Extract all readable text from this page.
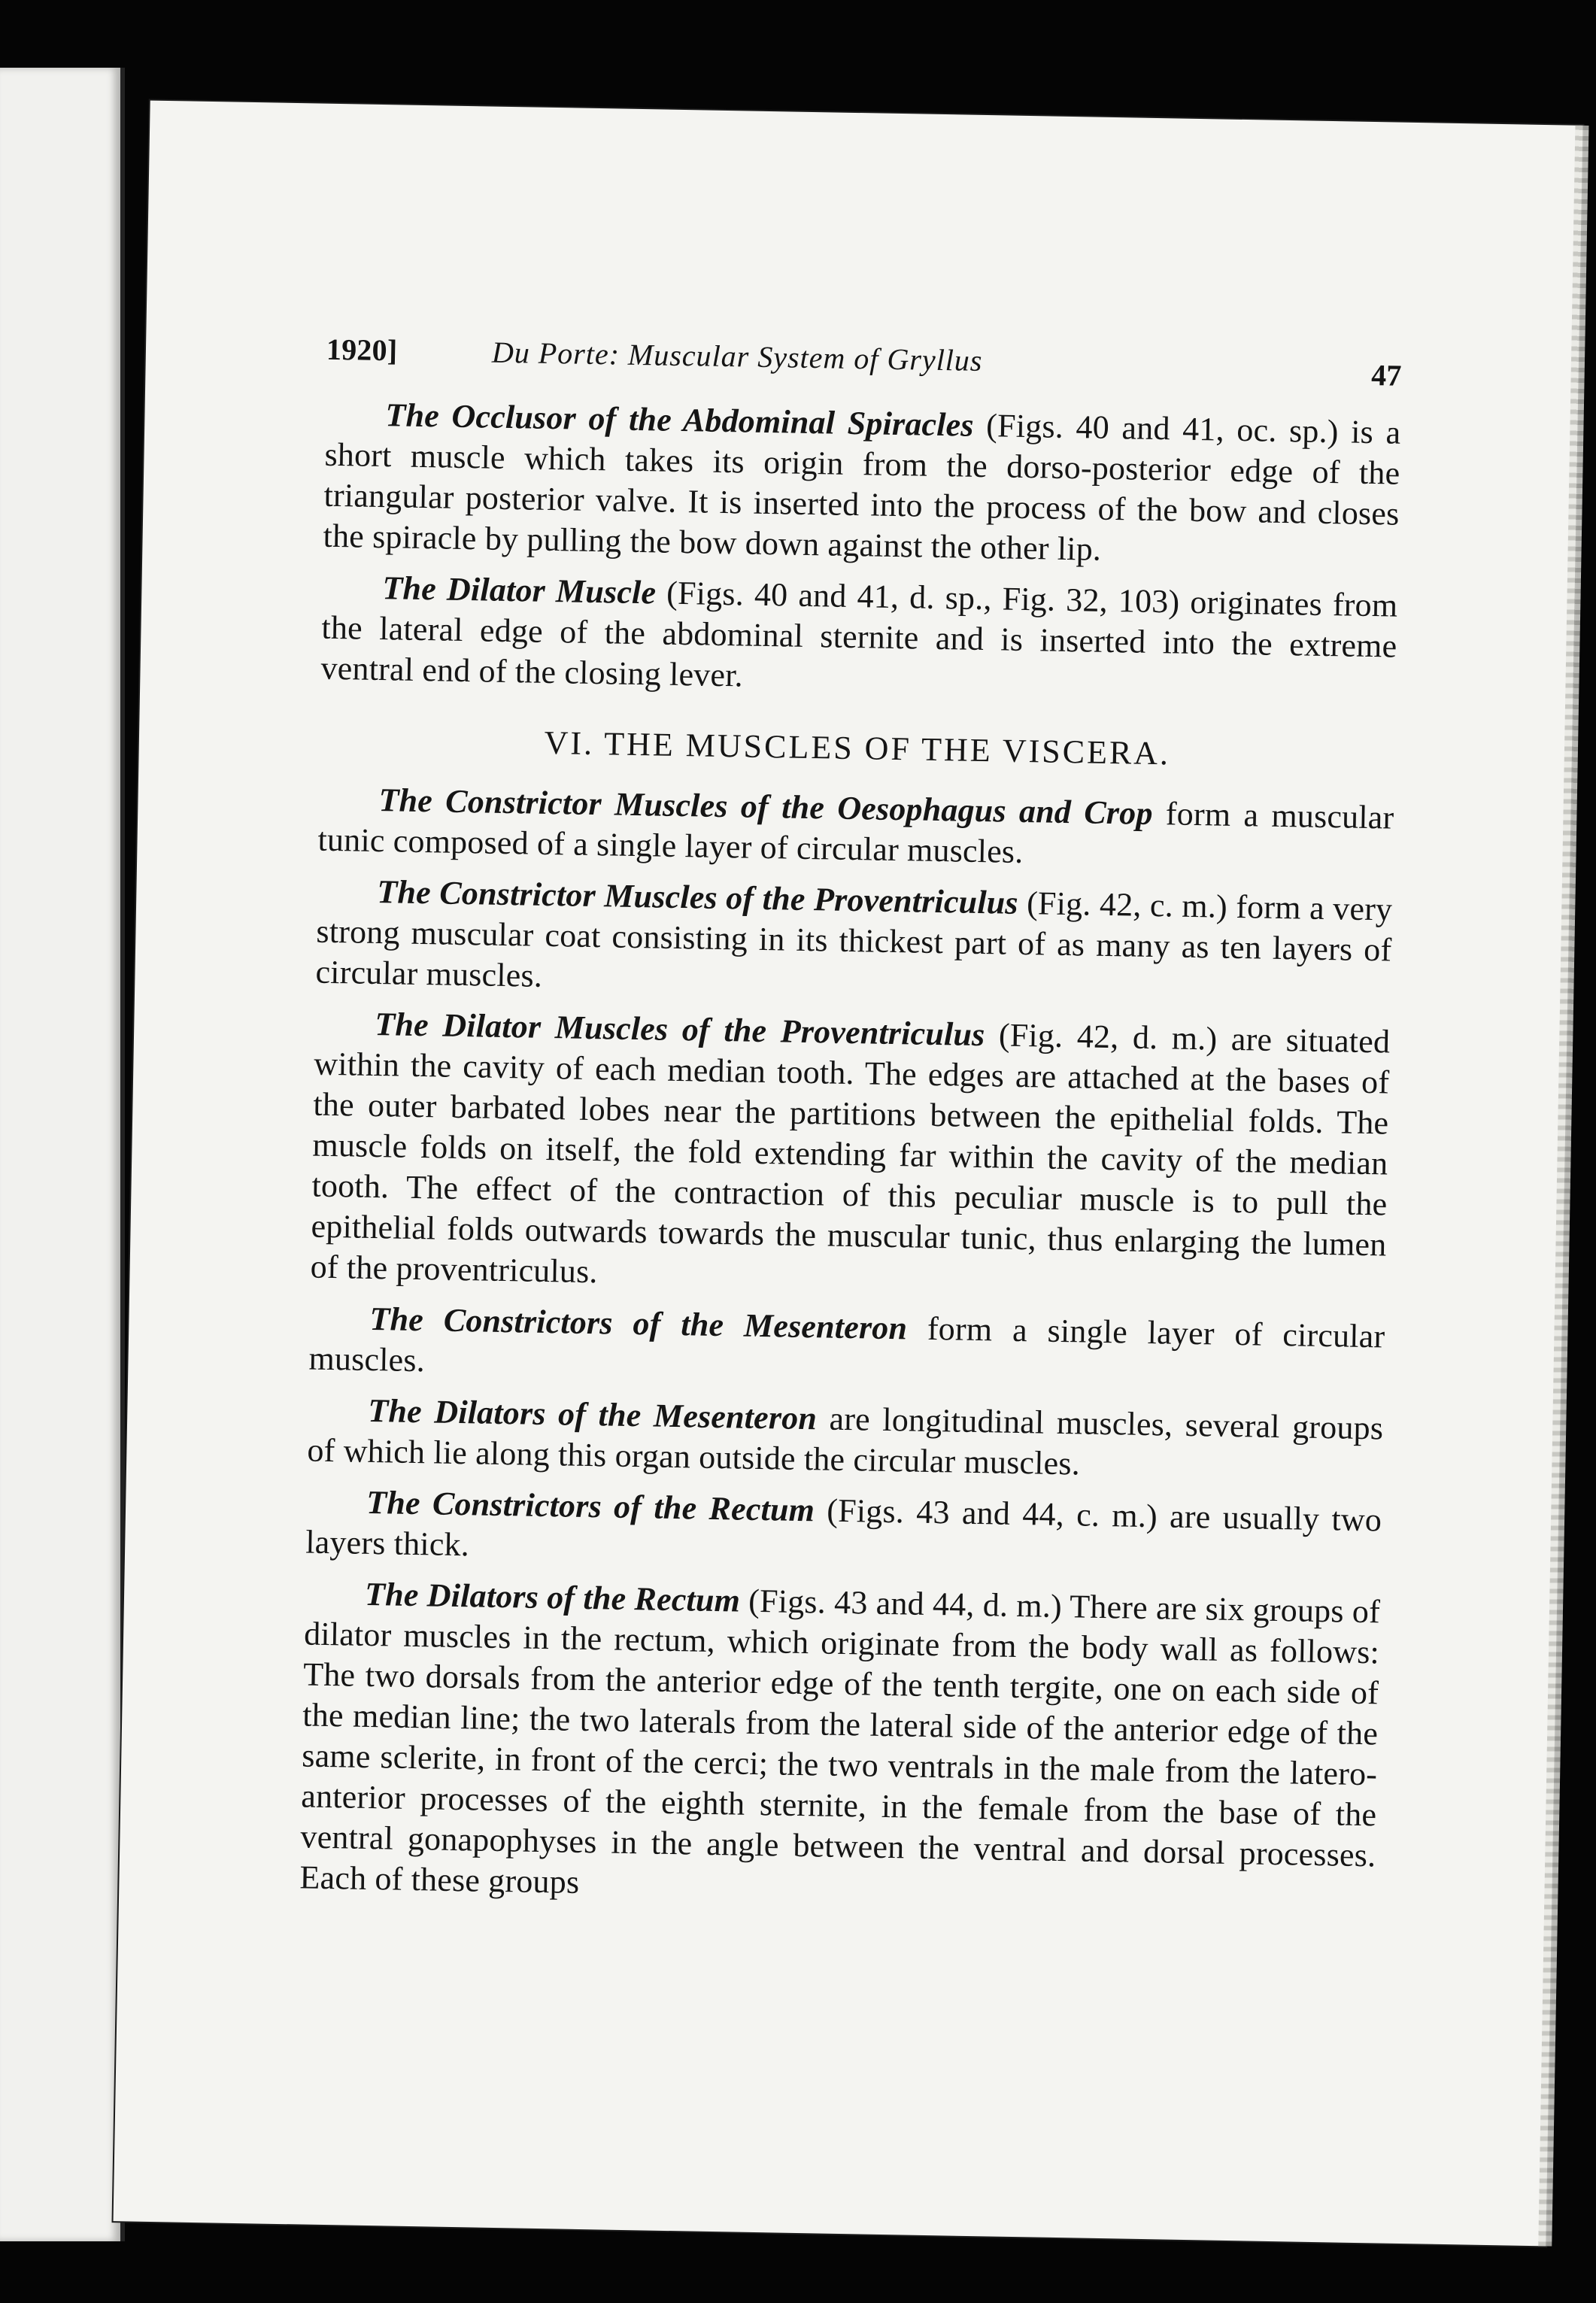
1920]	Du Porte: Muscular System of Gryllus	47

The Occlusor of the Abdominal Spiracles (Figs. 40 and 41, oc. sp.) is a short muscle which takes its origin from the dorso-posterior edge of the triangular posterior valve. It is inserted into the process of the bow and closes the spiracle by pulling the bow down against the other lip.

The Dilator Muscle (Figs. 40 and 41, d. sp., Fig. 32, 103) originates from the lateral edge of the abdominal sternite and is inserted into the extreme ventral end of the closing lever.

VI. THE MUSCLES OF THE VISCERA.

The Constrictor Muscles of the Oesophagus and Crop form a muscular tunic composed of a single layer of circular muscles.

The Constrictor Muscles of the Proventriculus (Fig. 42, c. m.) form a very strong muscular coat consisting in its thickest part of as many as ten layers of circular muscles.

The Dilator Muscles of the Proventriculus (Fig. 42, d. m.) are situated within the cavity of each median tooth. The edges are attached at the bases of the outer barbated lobes near the partitions between the epithelial folds. The muscle folds on itself, the fold extending far within the cavity of the median tooth. The effect of the contraction of this peculiar muscle is to pull the epithelial folds outwards towards the muscular tunic, thus enlarging the lumen of the proventriculus.

The Constrictors of the Mesenteron form a single layer of circular muscles.

The Dilators of the Mesenteron are longitudinal muscles, several groups of which lie along this organ outside the circular muscles.

The Constrictors of the Rectum (Figs. 43 and 44, c. m.) are usually two layers thick.

The Dilators of the Rectum (Figs. 43 and 44, d. m.) There are six groups of dilator muscles in the rectum, which originate from the body wall as follows: The two dorsals from the anterior edge of the tenth tergite, one on each side of the median line; the two laterals from the lateral side of the anterior edge of the same sclerite, in front of the cerci; the two ventrals in the male from the latero-anterior processes of the eighth sternite, in the female from the base of the ventral gonapophyses in the angle between the ventral and dorsal processes. Each of these groups
